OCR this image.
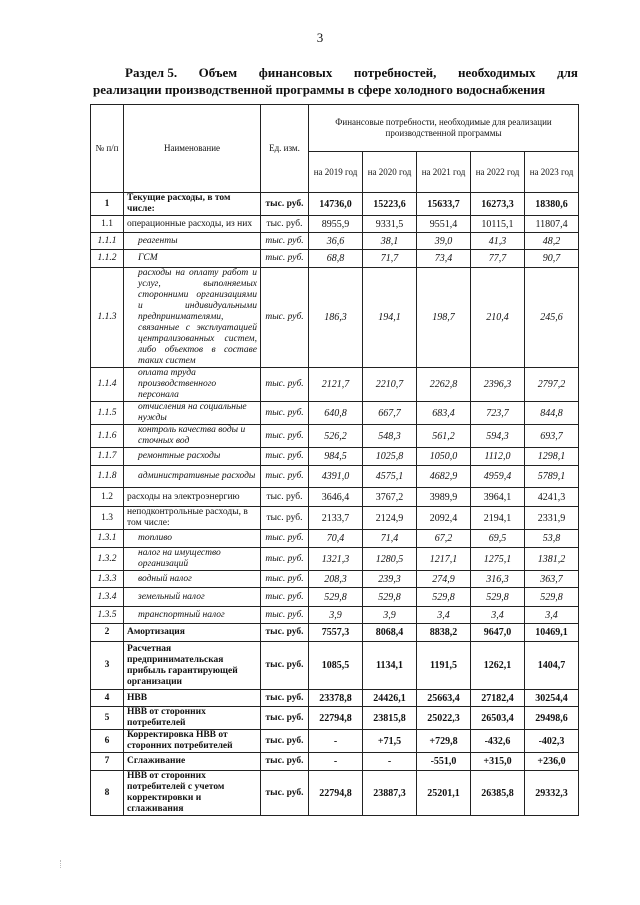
3
Раздел 5. Объем финансовых потребностей, необходимых для
реализации производственной программы в сфере холодного водоснабжения
№ п/п	Наименование	Ед. изм.	Финансовые потребности, необходимые для реализации производственной программы				
			на 2019 год	на 2020 год	на 2021 год	на 2022 год	на 2023 год
1	Текущие расходы, в том числе:	тыс. руб.	14736,0	15223,6	15633,7	16273,3	18380,6
1.1	операционные расходы, из них	тыс. руб.	8955,9	9331,5	9551,4	10115,1	11807,4
1.1.1	реагенты	тыс. руб.	36,6	38,1	39,0	41,3	48,2
1.1.2	ГСМ	тыс. руб.	68,8	71,7	73,4	77,7	90,7
1.1.3	расходы на оплату работ и услуг, выполняемых сторонними организациями и индивидуальными предпринимателями, связанные с эксплуатацией централизованных систем, либо объектов в составе таких систем	тыс. руб.	186,3	194,1	198,7	210,4	245,6
1.1.4	оплата труда производственного персонала	тыс. руб.	2121,7	2210,7	2262,8	2396,3	2797,2
1.1.5	отчисления на социальные нужды	тыс. руб.	640,8	667,7	683,4	723,7	844,8
1.1.6	контроль качества воды и сточных вод	тыс. руб.	526,2	548,3	561,2	594,3	693,7
1.1.7	ремонтные расходы	тыс. руб.	984,5	1025,8	1050,0	1112,0	1298,1
1.1.8	административные расходы	тыс. руб.	4391,0	4575,1	4682,9	4959,4	5789,1
1.2	расходы на электроэнергию	тыс. руб.	3646,4	3767,2	3989,9	3964,1	4241,3
1.3	неподконтрольные расходы, в том числе:	тыс. руб.	2133,7	2124,9	2092,4	2194,1	2331,9
1.3.1	топливо	тыс. руб.	70,4	71,4	67,2	69,5	53,8
1.3.2	налог на имущество организаций	тыс. руб.	1321,3	1280,5	1217,1	1275,1	1381,2
1.3.3	водный налог	тыс. руб.	208,3	239,3	274,9	316,3	363,7
1.3.4	земельный налог	тыс. руб.	529,8	529,8	529,8	529,8	529,8
1.3.5	транспортный налог	тыс. руб.	3,9	3,9	3,4	3,4	3,4
2	Амортизация	тыс. руб.	7557,3	8068,4	8838,2	9647,0	10469,1
3	Расчетная предпринимательская прибыль гарантирующей организации	тыс. руб.	1085,5	1134,1	1191,5	1262,1	1404,7
4	НВВ	тыс. руб.	23378,8	24426,1	25663,4	27182,4	30254,4
5	НВВ от сторонних потребителей	тыс. руб.	22794,8	23815,8	25022,3	26503,4	29498,6
6	Корректировка НВВ от сторонних потребителей	тыс. руб.	-	+71,5	+729,8	-432,6	-402,3
7	Сглаживание	тыс. руб.	-	-	-551,0	+315,0	+236,0
8	НВВ от сторонних потребителей с учетом корректировки и сглаживания	тыс. руб.	22794,8	23887,3	25201,1	26385,8	29332,3
